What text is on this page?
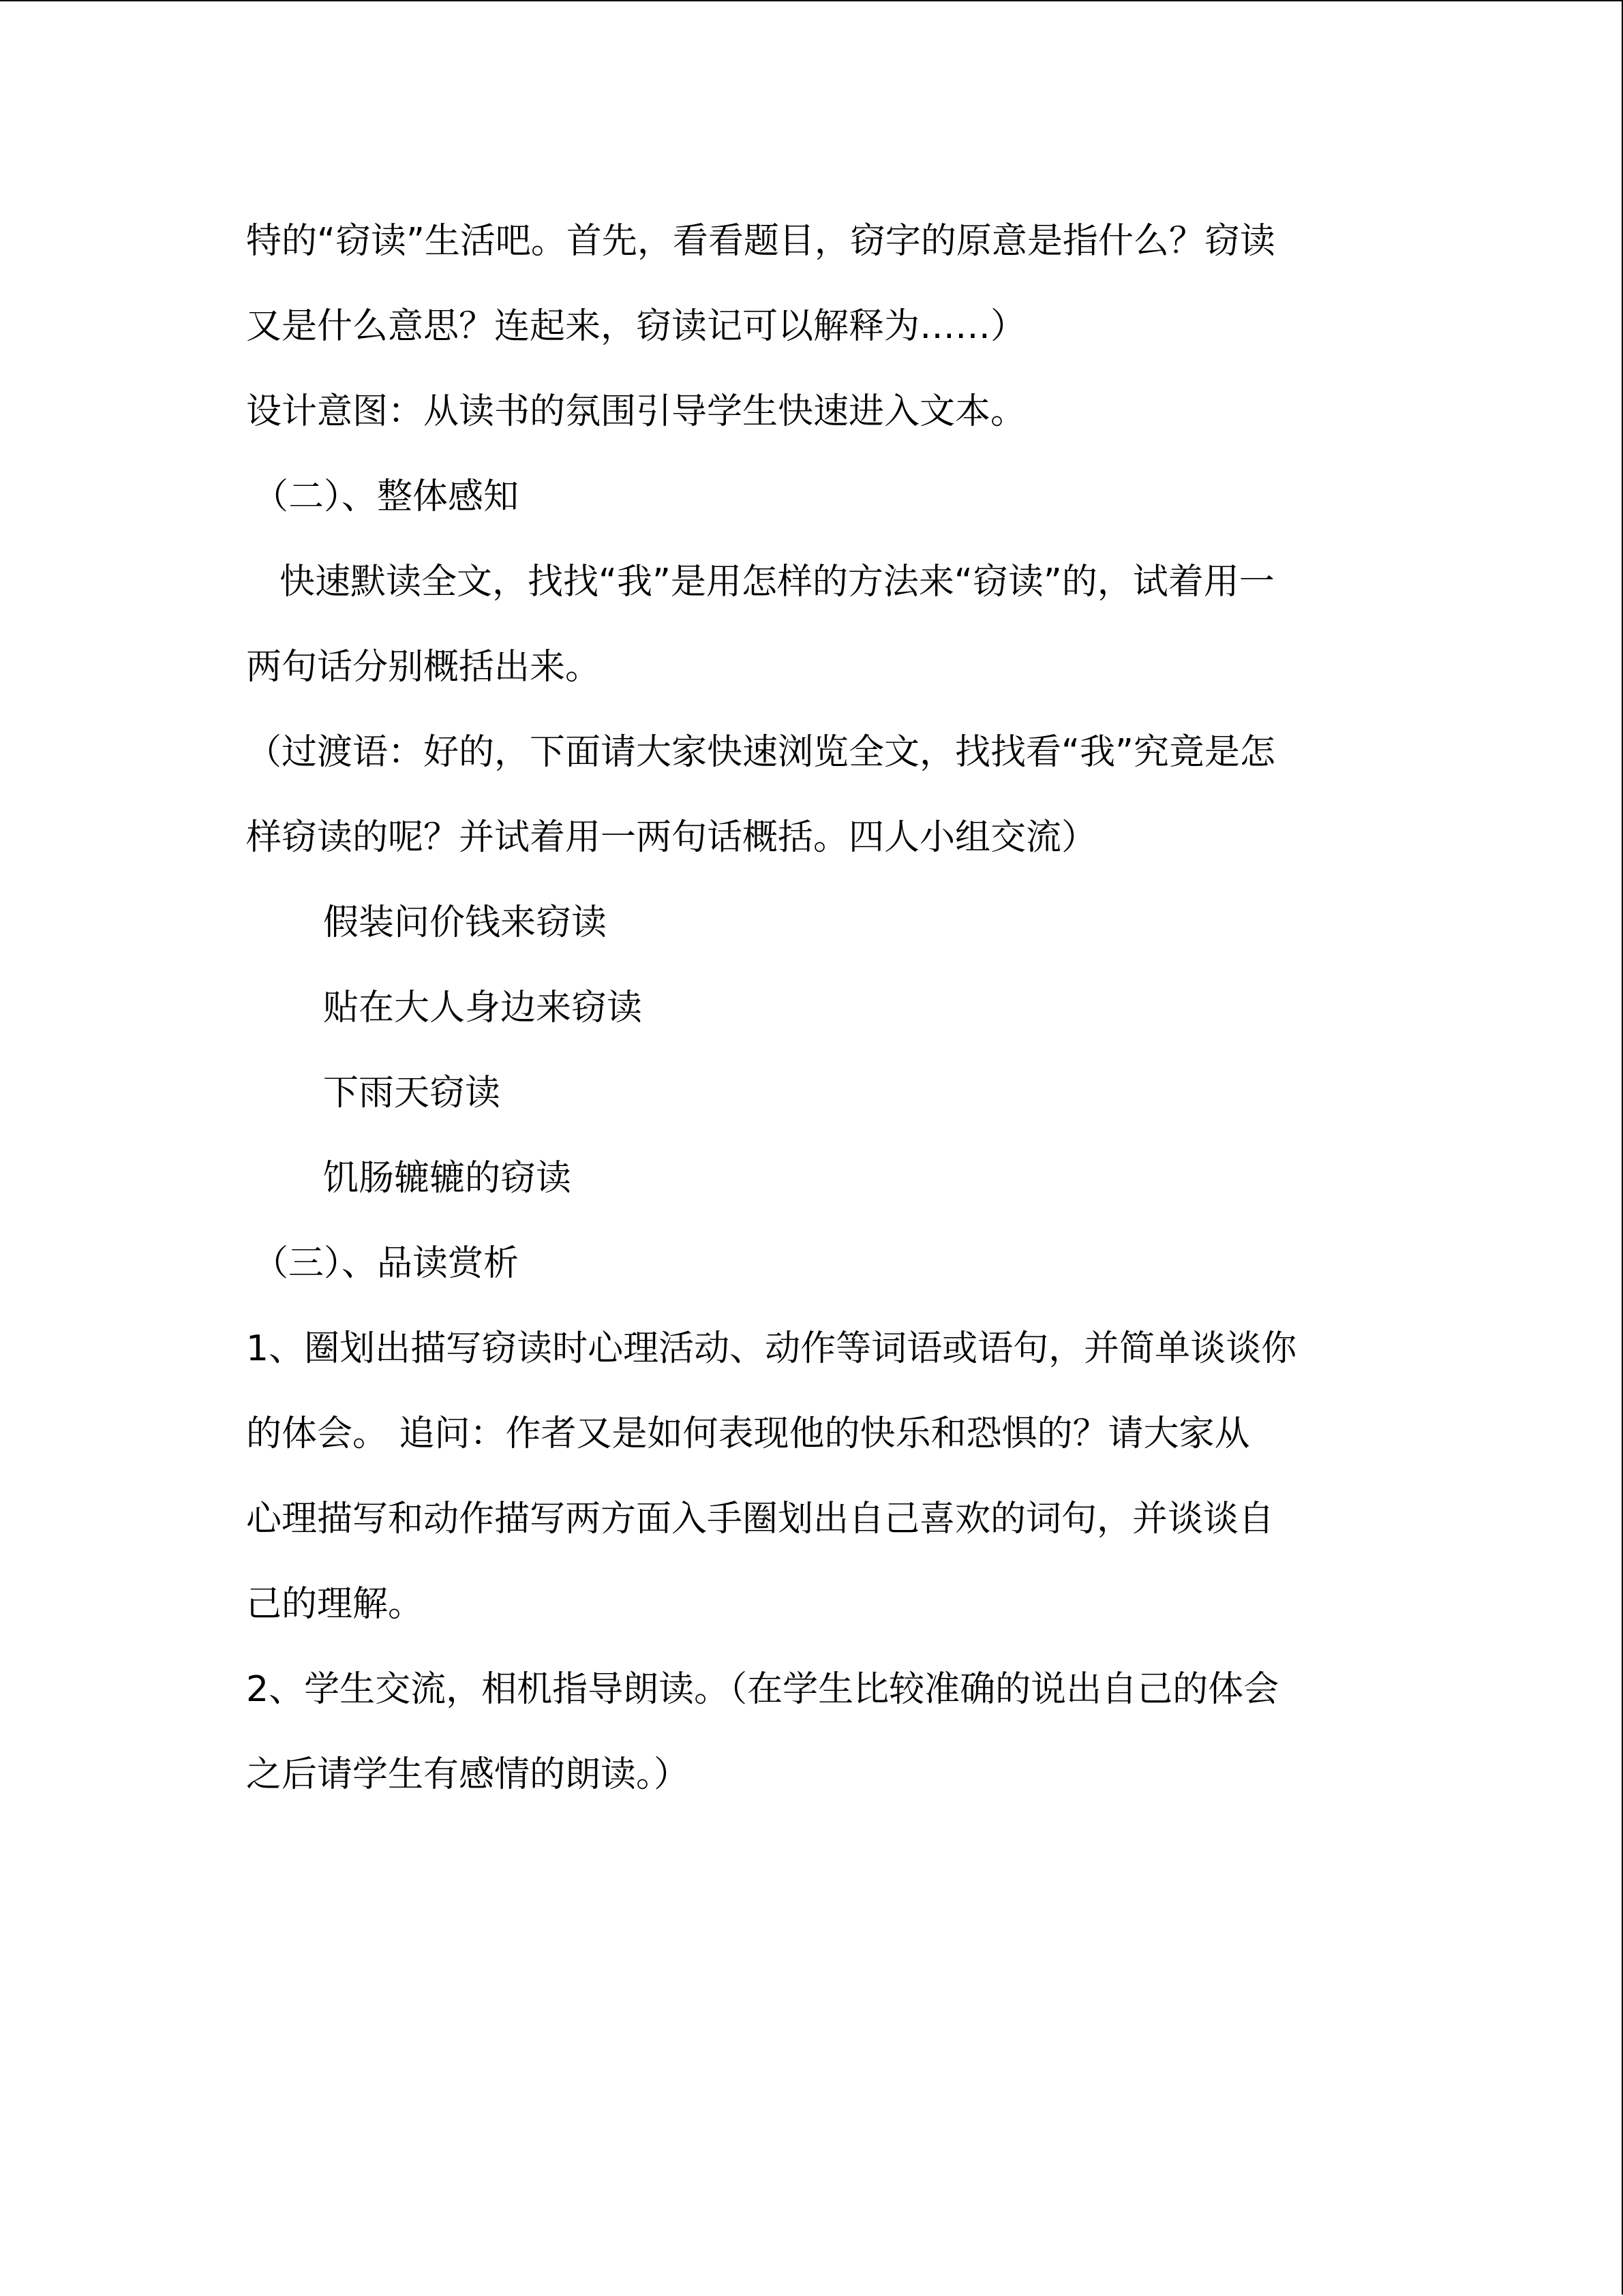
特的“窃读”生活吧。首先，看看题目，窃字的原意是指什么？窃读
又是什么意思？连起来，窃读记可以解释为……）
设计意图：从读书的氛围引导学生快速进入文本。
（二）、整体感知
快速默读全文，找找“我”是用怎样的方法来“窃读”的，试着用一
两句话分别概括出来。
（过渡语：好的，下面请大家快速浏览全文，找找看“我”究竟是怎
样窃读的呢？并试着用一两句话概括。四人小组交流）
假装问价钱来窃读
贴在大人身边来窃读
下雨天窃读
饥肠辘辘的窃读
（三）、品读赏析
1、圈划出描写窃读时心理活动、动作等词语或语句，并简单谈谈你
的体会。 追问：作者又是如何表现他的快乐和恐惧的？请大家从
心理描写和动作描写两方面入手圈划出自己喜欢的词句，并谈谈自
己的理解。
2、学生交流，相机指导朗读。（在学生比较准确的说出自己的体会
之后请学生有感情的朗读。）
